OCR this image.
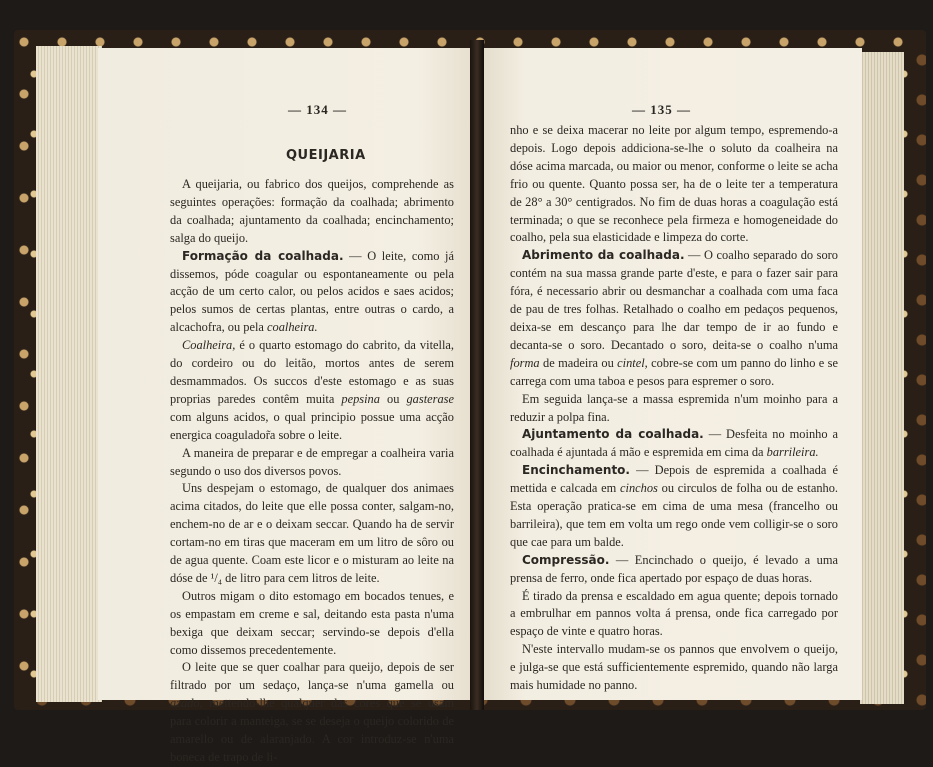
— 134 —
QUEIJARIA

A queijaria, ou fabrico dos queijos, comprehende as seguintes operações: formação da coalhada; abrimento da coalhada; ajuntamento da coalhada; encinchamento; salga do queijo.

Formação da coalhada. — O leite, como já dissemos, póde coagular ou espontaneamente ou pela acção de um certo calor, ou pelos acidos e saes acidos; pelos sumos de certas plantas, entre outras o cardo, a alcachofra, ou pela coalheira.

Coalheira, é o quarto estomago do cabrito, da vitella, do cordeiro ou do leitão, mortos antes de serem desmammados. Os succos d'este estomago e as suas proprias paredes contêm muita pepsina ou gasterase com alguns acidos, o qual principio possue uma acção energica coagulador̃a sobre o leite.

A maneira de preparar e de empregar a coalheira varia segundo o uso dos diversos povos.

Uns despejam o estomago, de qualquer dos animaes acima citados, do leite que elle possa conter, salgam-no, enchem-no de ar e o deixam seccar. Quando ha de servir cortam-no em tiras que maceram em um litro de sôro ou de agua quente. Coam este licor e o misturam ao leite na dóse de ¹/₄ de litro para cem litros de leite.

Outros migam o dito estomago em bocados tenues, e os empastam em creme e sal, deitando esta pasta n'uma bexiga que deixam seccar; servindo-se depois d'ella como dissemos precedentemente.

O leite que se quer coalhar para queijo, depois de ser filtrado por um sedaço, lança-se n'uma gamella ou azado, mettendo-lhe qualquer das cores que se usam para colorir a manteiga, se se deseja o queijo colorido de amarello ou de alaranjado. A cor introduz-se n'uma boneca de trapo de li-

— 135 —

nho e se deixa macerar no leite por algum tempo, espremendo-a depois. Logo depois addiciona-se-lhe o soluto da coalheira na dóse acima marcada, ou maior ou menor, conforme o leite se acha frio ou quente. Quanto possa ser, ha de o leite ter a temperatura de 28° a 30° centigrados. No fim de duas horas a coagulação está terminada; o que se reconhece pela firmeza e homogeneidade do coalho, pela sua elasticidade e limpeza do corte.

Abrimento da coalhada. — O coalho separado do soro contém na sua massa grande parte d'este, e para o fazer sair para fóra, é necessario abrir ou desmanchar a coalhada com uma faca de pau de tres folhas. Retalhado o coalho em pedaços pequenos, deixa-se em descanço para lhe dar tempo de ir ao fundo e decanta-se o soro. Decantado o soro, deita-se o coalho n'uma forma de madeira ou cintel, cobre-se com um panno do linho e se carrega com uma taboa e pesos para espremer o soro.

Em seguida lança-se a massa espremida n'um moinho para a reduzir a polpa fina.

Ajuntamento da coalhada. — Desfeita no moinho a coalhada é ajuntada á mão e espremida em cima da barrileira.

Encinchamento. — Depois de espremida a coalhada é mettida e calcada em cinchos ou circulos de folha ou de estanho. Esta operação pratica-se em cima de uma mesa (francelho ou barrileira), que tem em volta um rego onde vem colligir-se o soro que cae para um balde.

Compressão. — Encinchado o queijo, é levado a uma prensa de ferro, onde fica apertado por espaço de duas horas.

É tirado da prensa e escaldado em agua quente; depois tornado a embrulhar em pannos volta á prensa, onde fica carregado por espaço de vinte e quatro horas.

N'este intervallo mudam-se os pannos que envolvem o queijo, e julga-se que está sufficientemente espremido, quando não larga mais humidade no panno.
